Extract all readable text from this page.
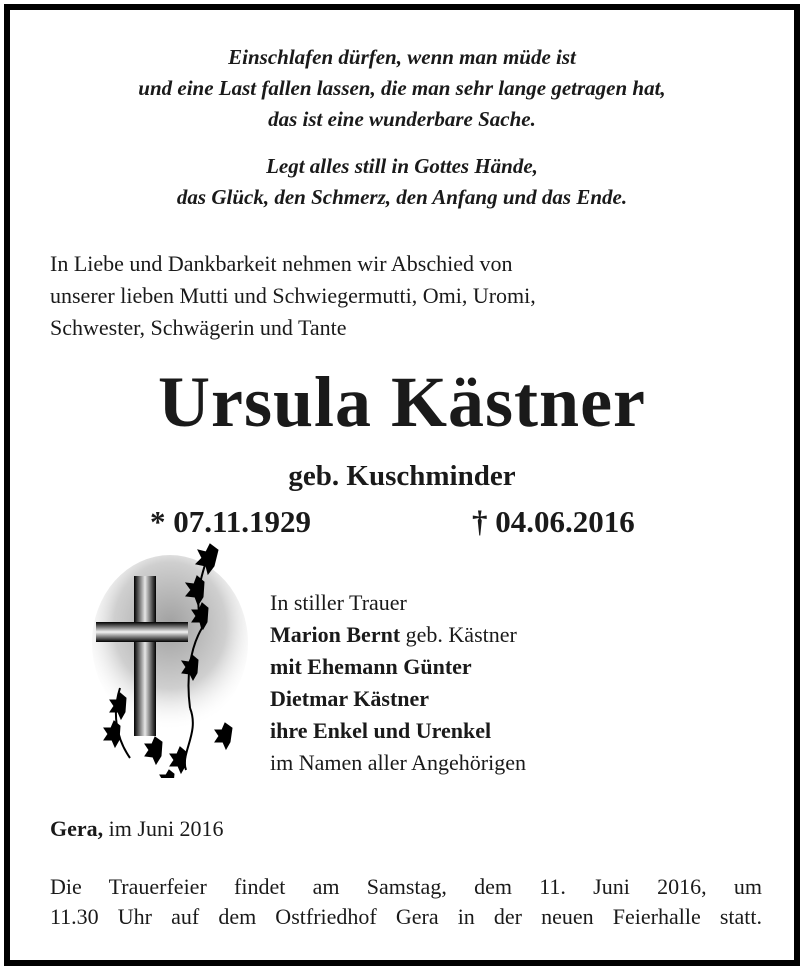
Einschlafen dürfen, wenn man müde ist
und eine Last fallen lassen, die man sehr lange getragen hat,
das ist eine wunderbare Sache.
Legt alles still in Gottes Hände,
das Glück, den Schmerz, den Anfang und das Ende.
In Liebe und Dankbarkeit nehmen wir Abschied von
unserer lieben Mutti und Schwiegermutti, Omi, Uromi,
Schwester, Schwägerin und Tante
Ursula Kästner
geb. Kuschminder
* 07.11.1929	† 04.06.2016
In stiller Trauer
Marion Bernt geb. Kästner
mit Ehemann Günter
Dietmar Kästner
ihre Enkel und Urenkel
im Namen aller Angehörigen
Gera, im Juni 2016
Die Trauerfeier findet am Samstag, dem 11. Juni 2016, um
11.30 Uhr auf dem Ostfriedhof Gera in der neuen Feierhalle statt.
